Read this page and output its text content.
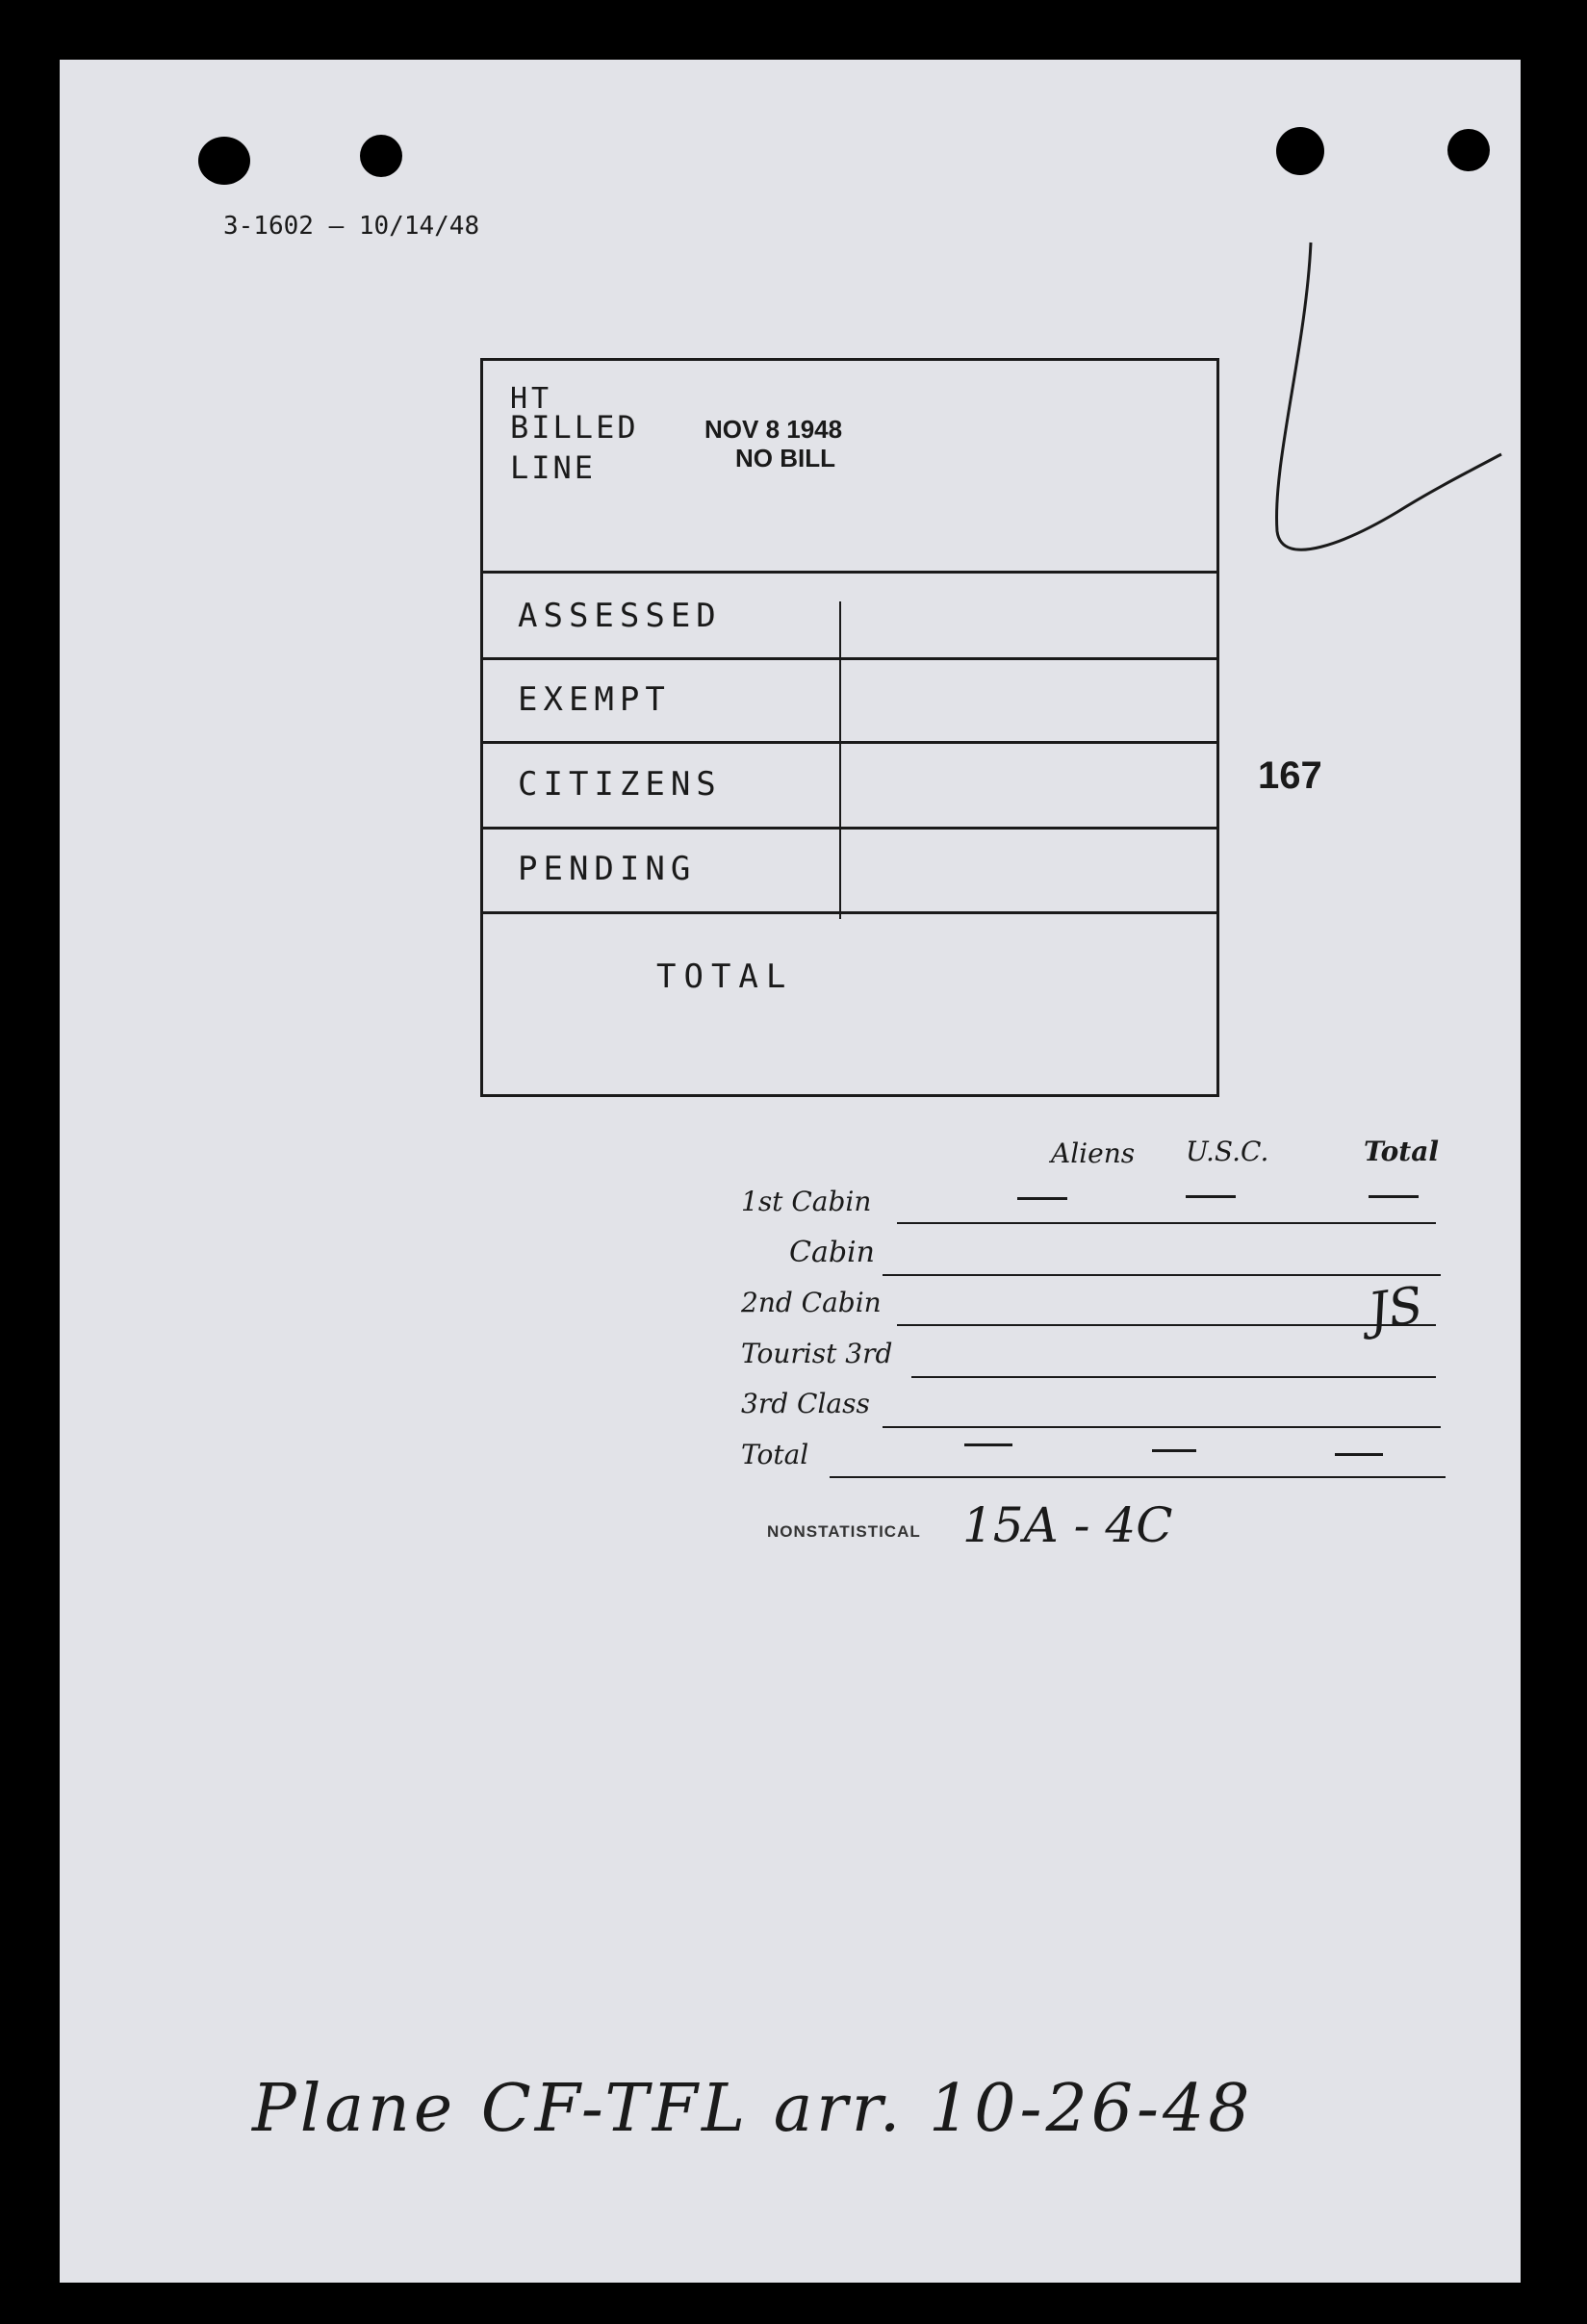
3-1602 — 10/14/48
HT
BILLED
LINE
NOV 8 1948
NO BILL
ASSESSED
EXEMPT
CITIZENS
PENDING
TOTAL
167
Aliens U.S.C.	Total
1st Cabin
Cabin
2nd Cabin
Tourist 3rd
3rd Class
Total
JS
NONSTATISTICAL 15A - 4C
Plane CF-TFL arr. 10-26-48
